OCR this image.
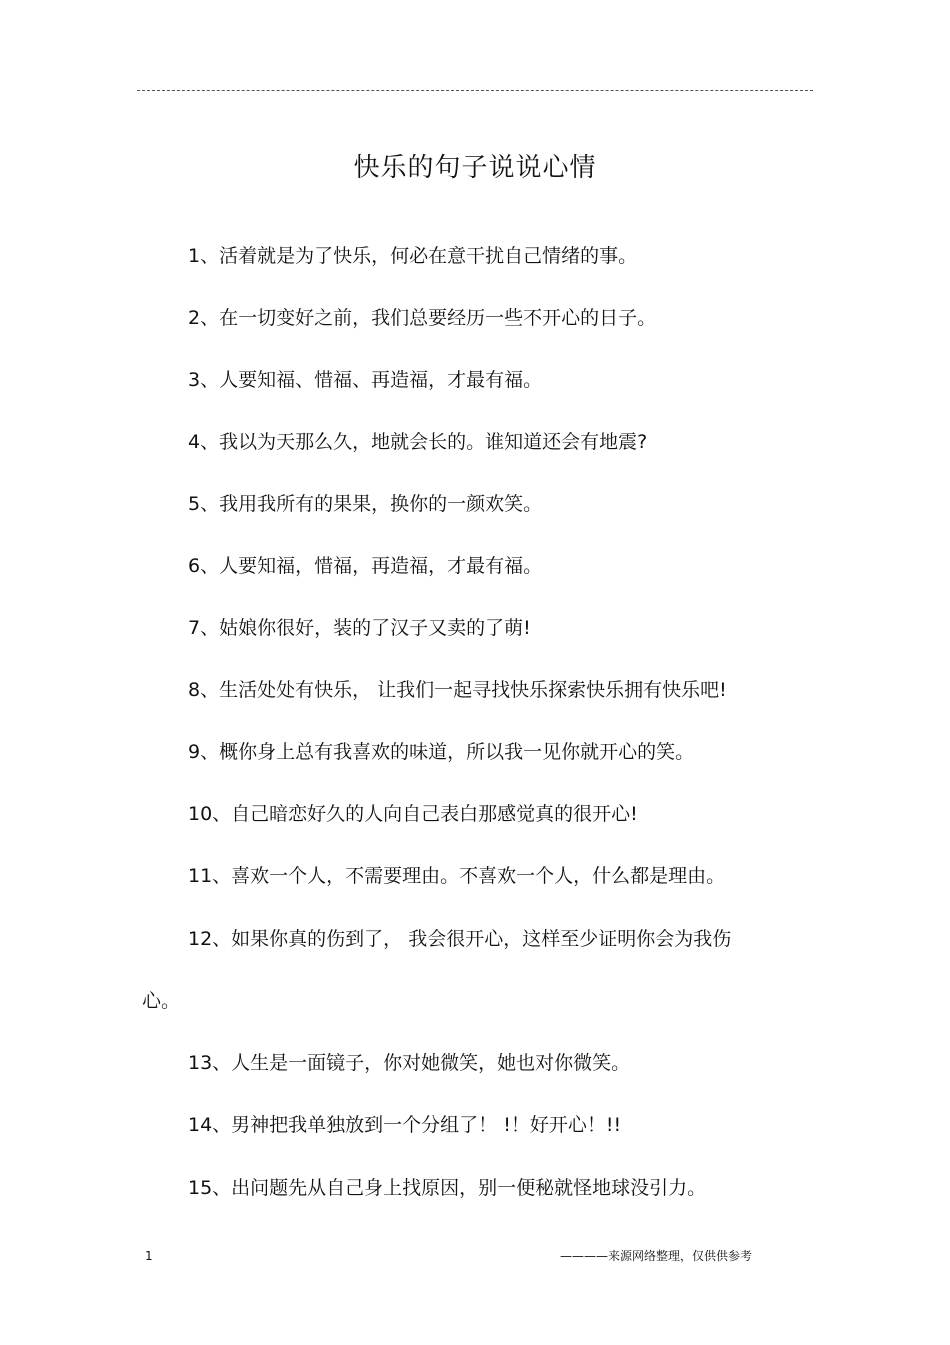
快乐的句子说说心情
1、活着就是为了快乐，何必在意干扰自己情绪的事。
2、在一切变好之前，我们总要经历一些不开心的日子。
3、人要知福、惜福、再造福，才最有福。
4、我以为天那么久，地就会长的。谁知道还会有地震?
5、我用我所有的果果，换你的一颜欢笑。
6、人要知福，惜福，再造福，才最有福。
7、姑娘你很好，装的了汉子又卖的了萌!
8、生活处处有快乐， 让我们一起寻找快乐探索快乐拥有快乐吧!
9、概你身上总有我喜欢的味道，所以我一见你就开心的笑。
10、自己暗恋好久的人向自己表白那感觉真的很开心!
11、喜欢一个人，不需要理由。不喜欢一个人，什么都是理由。
12、如果你真的伤到了， 我会很开心，这样至少证明你会为我伤
心。
13、人生是一面镜子，你对她微笑，她也对你微笑。
14、男神把我单独放到一个分组了！ !！好开心！!!
15、出问题先从自己身上找原因，别一便秘就怪地球没引力。
1	————来源网络整理，仅供供参考
